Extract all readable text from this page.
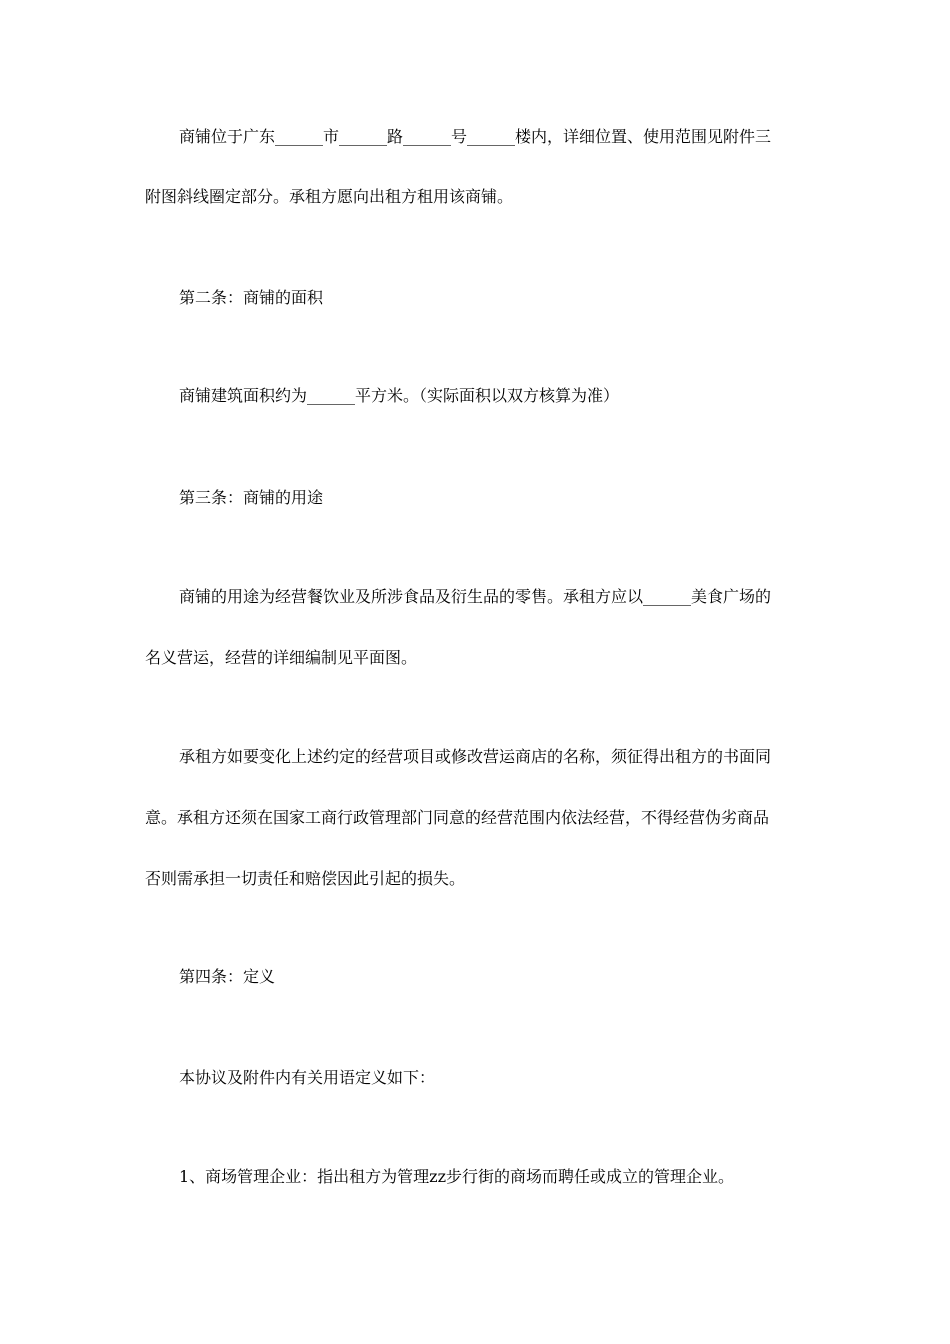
商铺位于广东______市______路______号______楼内，详细位置、使用范围见附件三
附图斜线圈定部分。承租方愿向出租方租用该商铺。
第二条：商铺的面积
商铺建筑面积约为______平方米。（实际面积以双方核算为准）
第三条：商铺的用途
商铺的用途为经营餐饮业及所涉食品及衍生品的零售。承租方应以______美食广场的
名义营运，经营的详细编制见平面图。
承租方如要变化上述约定的经营项目或修改营运商店的名称，须征得出租方的书面同
意。承租方还须在国家工商行政管理部门同意的经营范围内依法经营，不得经营伪劣商品
否则需承担一切责任和赔偿因此引起的损失。
第四条：定义
本协议及附件内有关用语定义如下：
1、商场管理企业：指出租方为管理zz步行街的商场而聘任或成立的管理企业。
